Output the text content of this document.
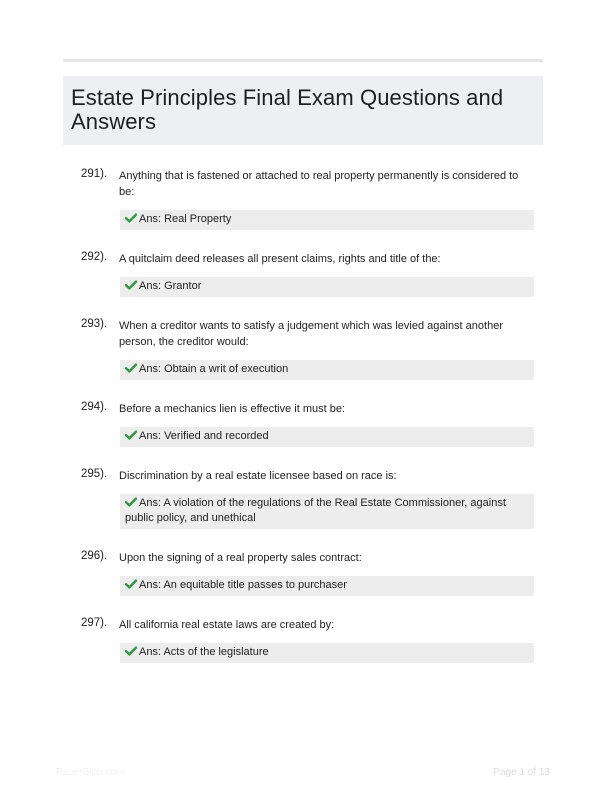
Estate Principles Final Exam Questions and Answers
291).	Anything that is fastened or attached to real property permanently is considered to be:
Ans: Real Property
292).	A quitclaim deed releases all present claims, rights and title of the:
Ans: Grantor
293).	When a creditor wants to satisfy a judgement which was levied against another person, the creditor would:
Ans: Obtain a writ of execution
294).	Before a mechanics lien is effective it must be:
Ans: Verified and recorded
295).	Discrimination by a real estate licensee based on race is:
Ans: A violation of the regulations of the Real Estate Commissioner, against public policy, and unethical
296).	Upon the signing of a real property sales contract:
Ans: An equitable title passes to purchaser
297).	All california real estate laws are created by:
Ans: Acts of the legislature
PaperBlob.com	Page 1 of 13
